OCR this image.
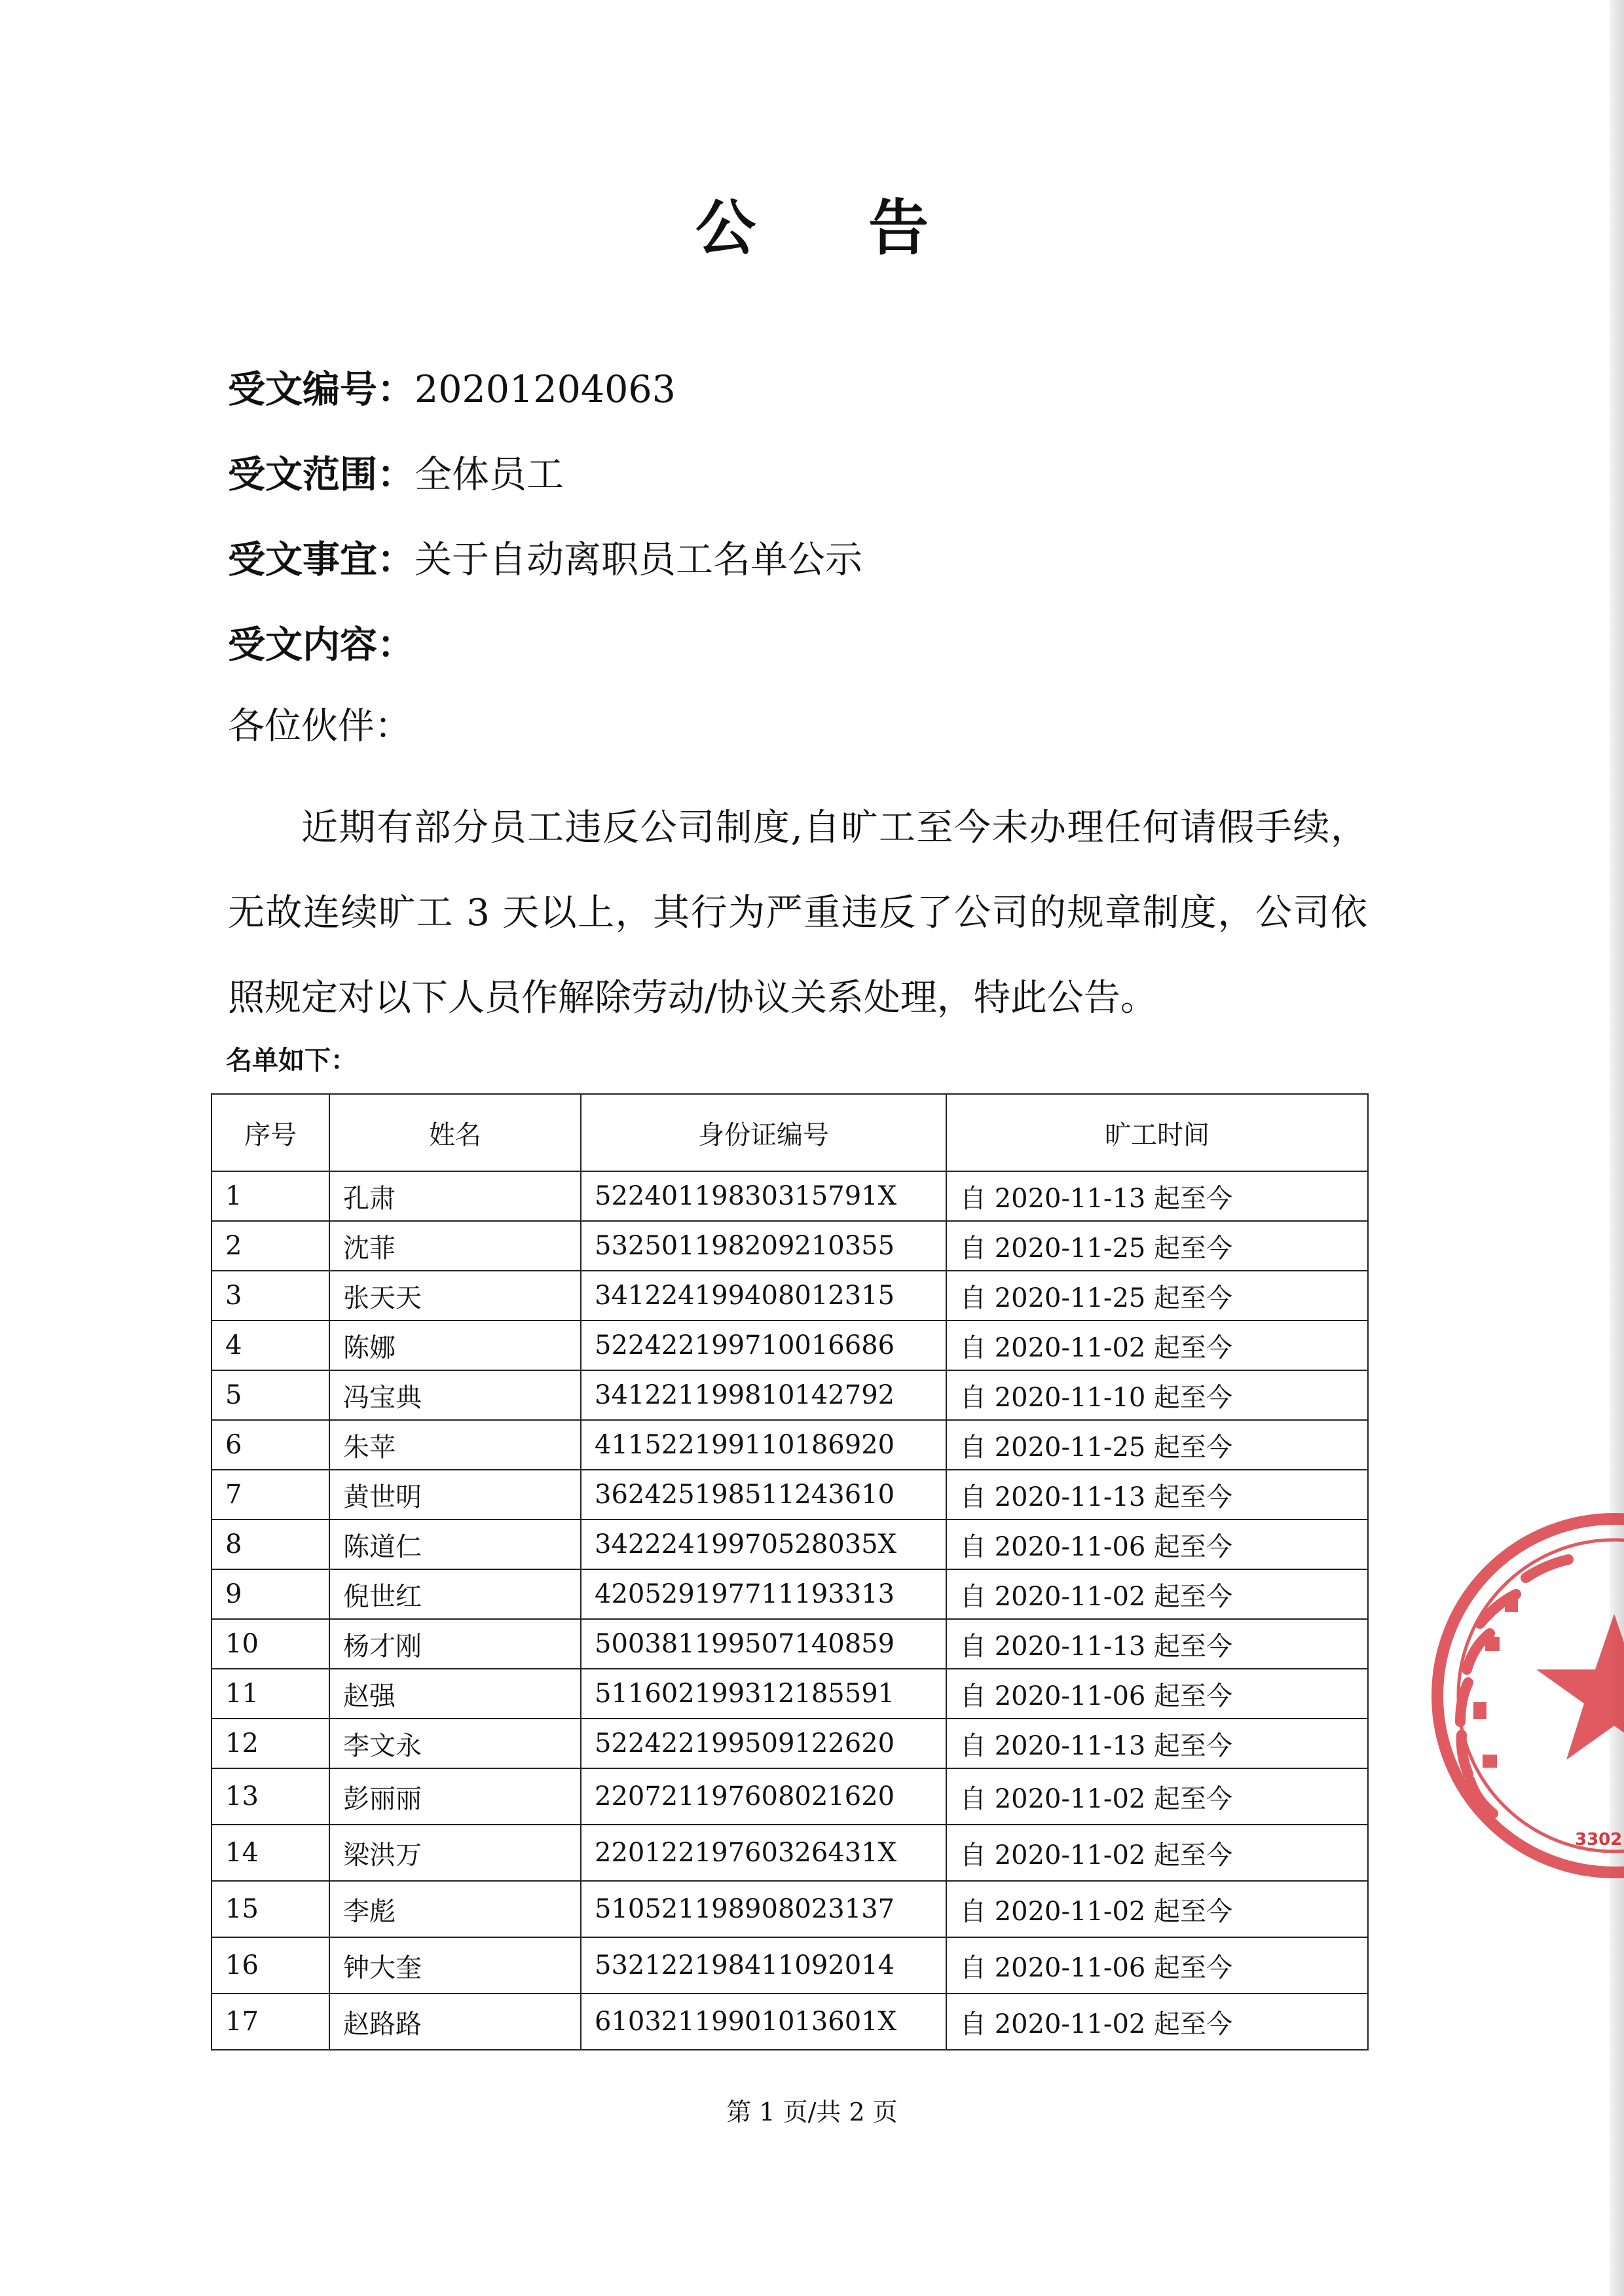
公 告
受文编号：20201204063
受文范围：全体员工
受文事宜：关于自动离职员工名单公示
受文内容：
各位伙伴：
近期有部分员工违反公司制度,自旷工至今未办理任何请假手续，无故连续旷工 3 天以上，其行为严重违反了公司的规章制度，公司依照规定对以下人员作解除劳动/协议关系处理，特此公告。
名单如下：
序号	姓名	身份证编号	旷工时间
1	孔肃	52240119830315791X	自 2020-11-13 起至今
2	沈菲	532501198209210355	自 2020-11-25 起至今
3	张天天	341224199408012315	自 2020-11-25 起至今
4	陈娜	522422199710016686	自 2020-11-02 起至今
5	冯宝典	341221199810142792	自 2020-11-10 起至今
6	朱苹	411522199110186920	自 2020-11-25 起至今
7	黄世明	362425198511243610	自 2020-11-13 起至今
8	陈道仁	34222419970528035X	自 2020-11-06 起至今
9	倪世红	420529197711193313	自 2020-11-02 起至今
10	杨才刚	500381199507140859	自 2020-11-13 起至今
11	赵强	511602199312185591	自 2020-11-06 起至今
12	李文永	522422199509122620	自 2020-11-13 起至今
13	彭丽丽	220721197608021620	自 2020-11-02 起至今
14	梁洪万	22012219760326431X	自 2020-11-02 起至今
15	李彪	510521198908023137	自 2020-11-02 起至今
16	钟大奎	532122198411092014	自 2020-11-06 起至今
17	赵路路	61032119901013601X	自 2020-11-02 起至今
第 1 页/共 2 页
3302
